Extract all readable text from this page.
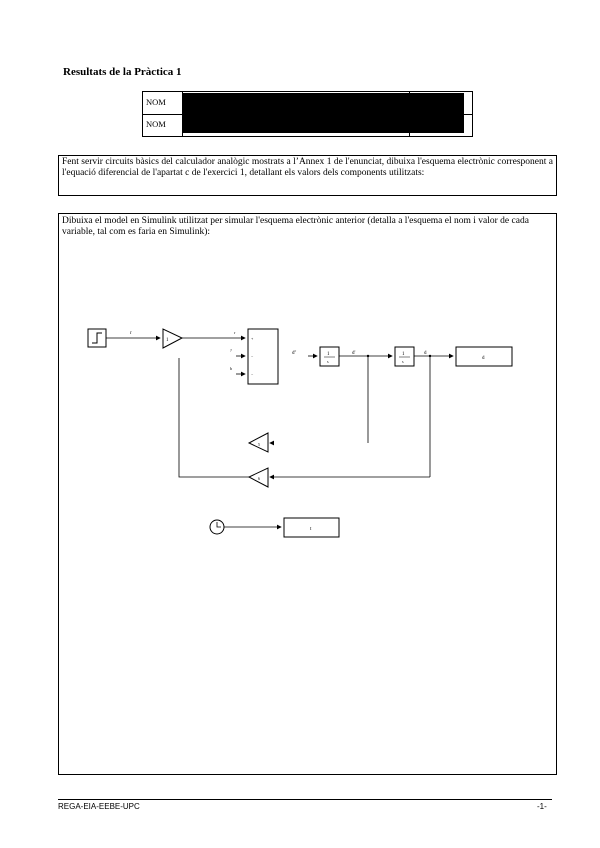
Resultats de la Pràctica 1
NOM
NOM

Fent servir circuits bàsics del calculador analògic mostrats a l’Annex 1 de l'enunciat, dibuixa l'esquema electrònic corresponent a l'equació diferencial de l'apartat c de l'exercici 1, detallant els valors dels components utilitzats:

Dibuixa el model en Simulink utilitzat per simular l'esquema electrònic anterior (detalla a l'esquema el nom i valor de cada variable, tal com es faria en Simulink):

r
1	+
−
−
r
?
b
d''	1
s
d'	1
s
d
d
5
6
t
REGA-EIA-EEBE-UPC	-1-
